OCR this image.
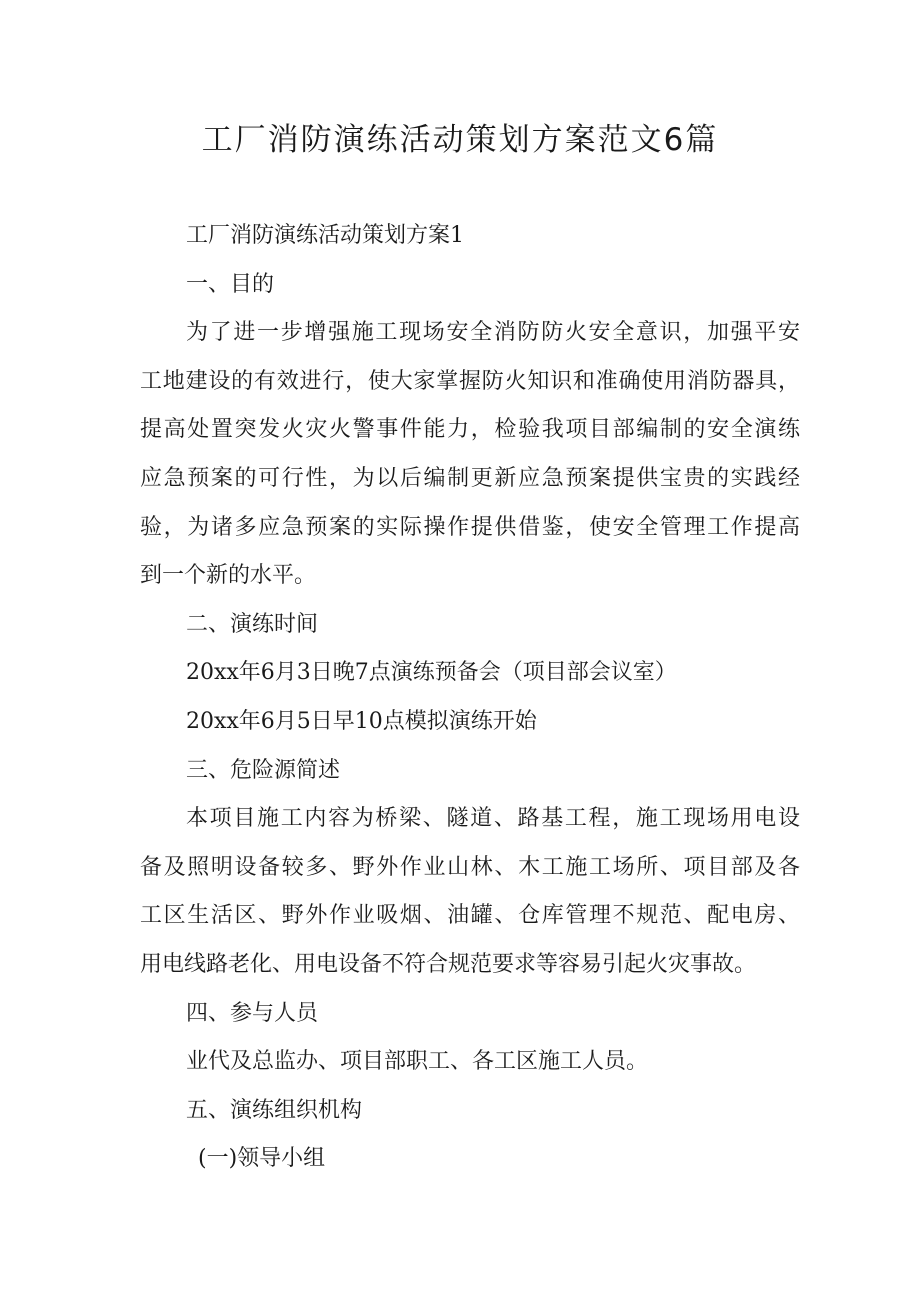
工厂消防演练活动策划方案范文6篇

工厂消防演练活动策划方案1

一、目的

为了进一步增强施工现场安全消防防火安全意识，加强平安

工地建设的有效进行，使大家掌握防火知识和准确使用消防器具，

提高处置突发火灾火警事件能力，检验我项目部编制的安全演练

应急预案的可行性，为以后编制更新应急预案提供宝贵的实践经

验，为诸多应急预案的实际操作提供借鉴，使安全管理工作提高

到一个新的水平。

二、演练时间

20xx年6月3日晚7点演练预备会（项目部会议室）

20xx年6月5日早10点模拟演练开始

三、危险源简述

本项目施工内容为桥梁、隧道、路基工程，施工现场用电设

备及照明设备较多、野外作业山林、木工施工场所、项目部及各

工区生活区、野外作业吸烟、油罐、仓库管理不规范、配电房、

用电线路老化、用电设备不符合规范要求等容易引起火灾事故。

四、参与人员

业代及总监办、项目部职工、各工区施工人员。

五、演练组织机构

(一)领导小组
